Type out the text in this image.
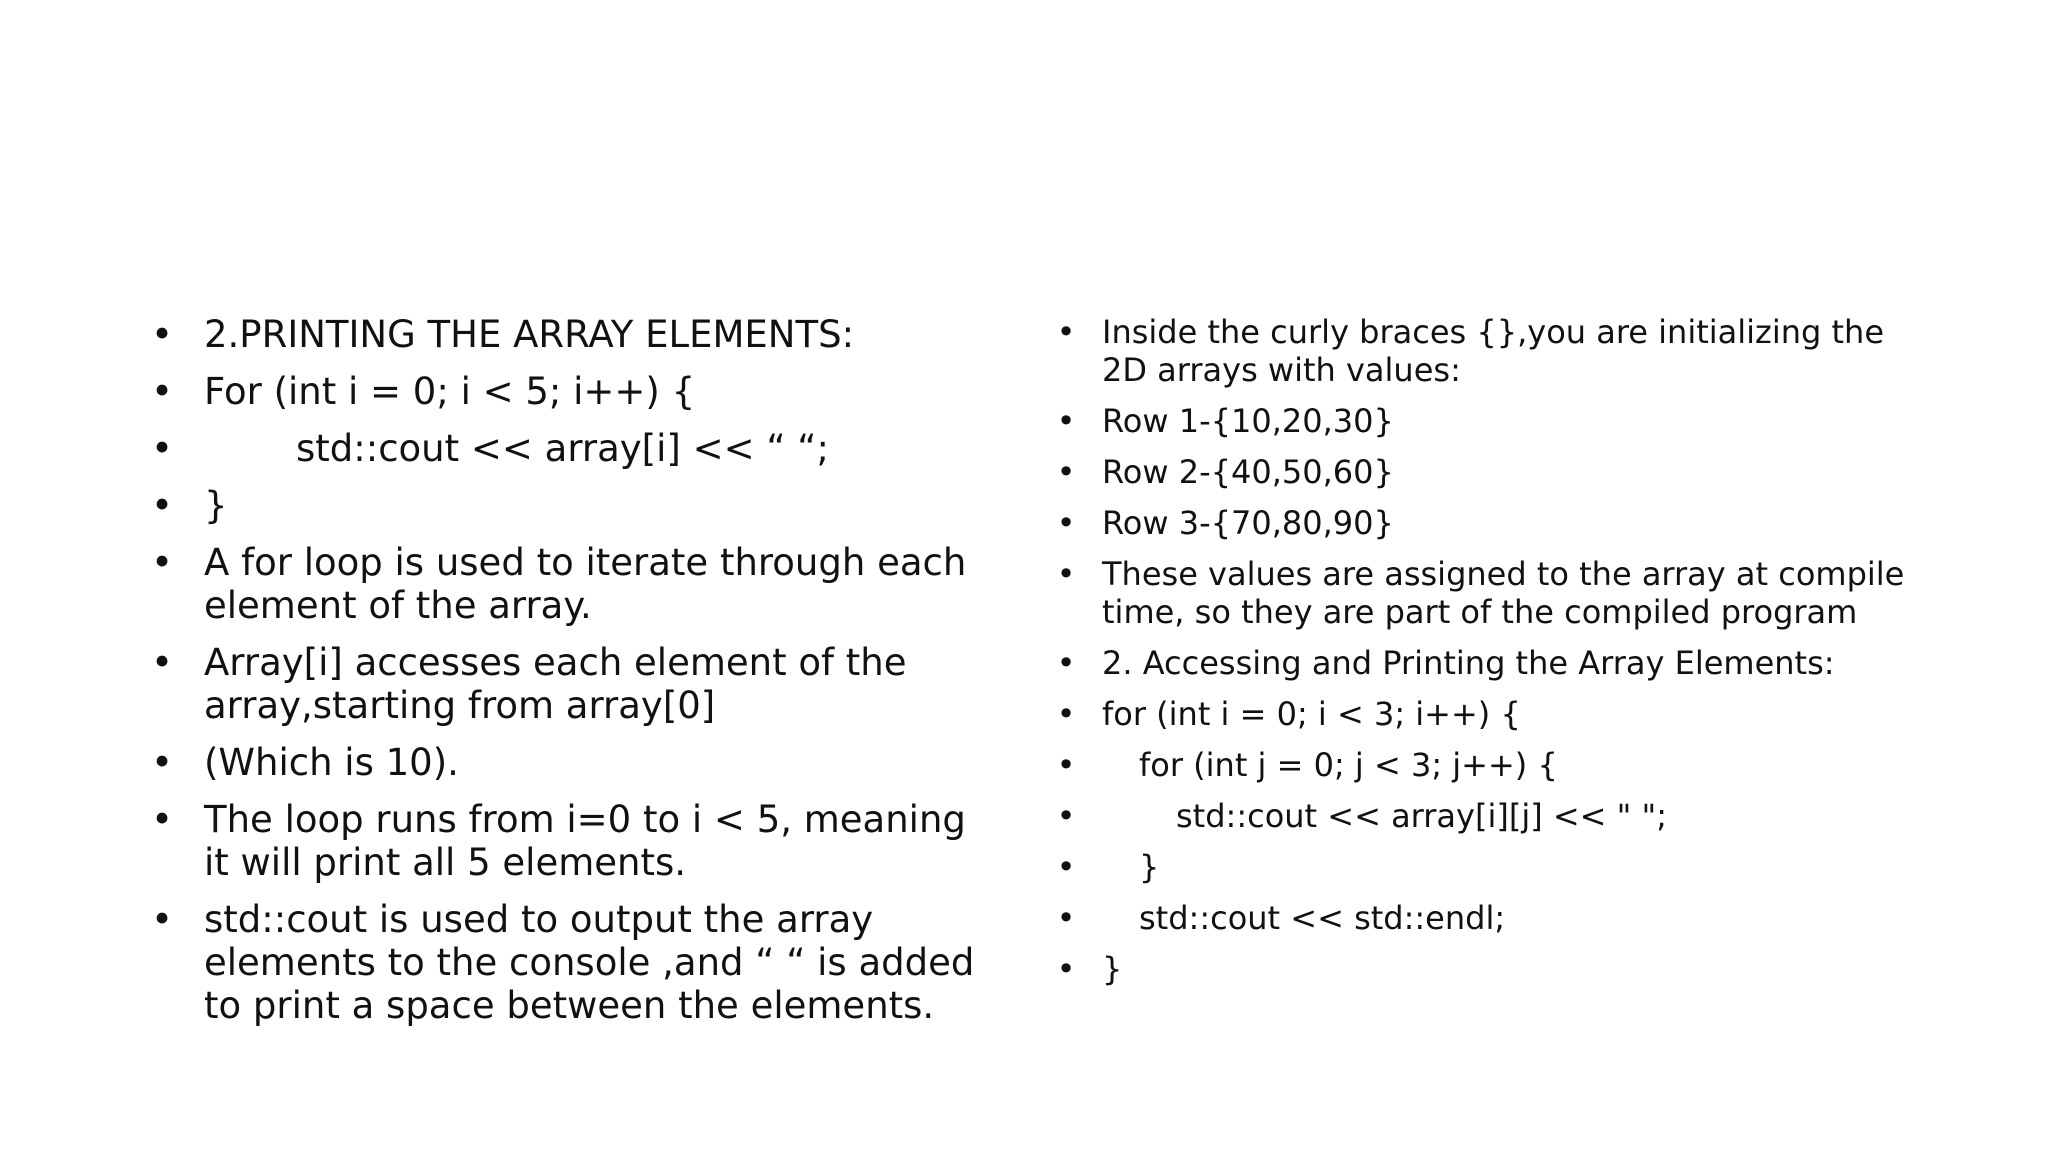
• 2.PRINTING THE ARRAY ELEMENTS:
• For (int i = 0; i < 5; i++) {
•	std::cout << array[i] << “ “;
• }
• A for loop is used to iterate through each element of the array.
• Array[i] accesses each element of the array,starting from array[0]
• (Which is 10).
• The loop runs from i=0 to i < 5, meaning it will print all 5 elements.
• std::cout is used to output the array elements to the console ,and “ “ is added to print a space between the elements.
• Inside the curly braces {},you are initializing the 2D arrays with values:
• Row 1-{10,20,30}
• Row 2-{40,50,60}
• Row 3-{70,80,90}
• These values are assigned to the array at compile time, so they are part of the compiled program
• 2. Accessing and Printing the Array Elements:
• for (int i = 0; i < 3; i++) {
•	for (int j = 0; j < 3; j++) {
•	std::cout << array[i][j] << " ";
•	}
•	std::cout << std::endl;
• }
